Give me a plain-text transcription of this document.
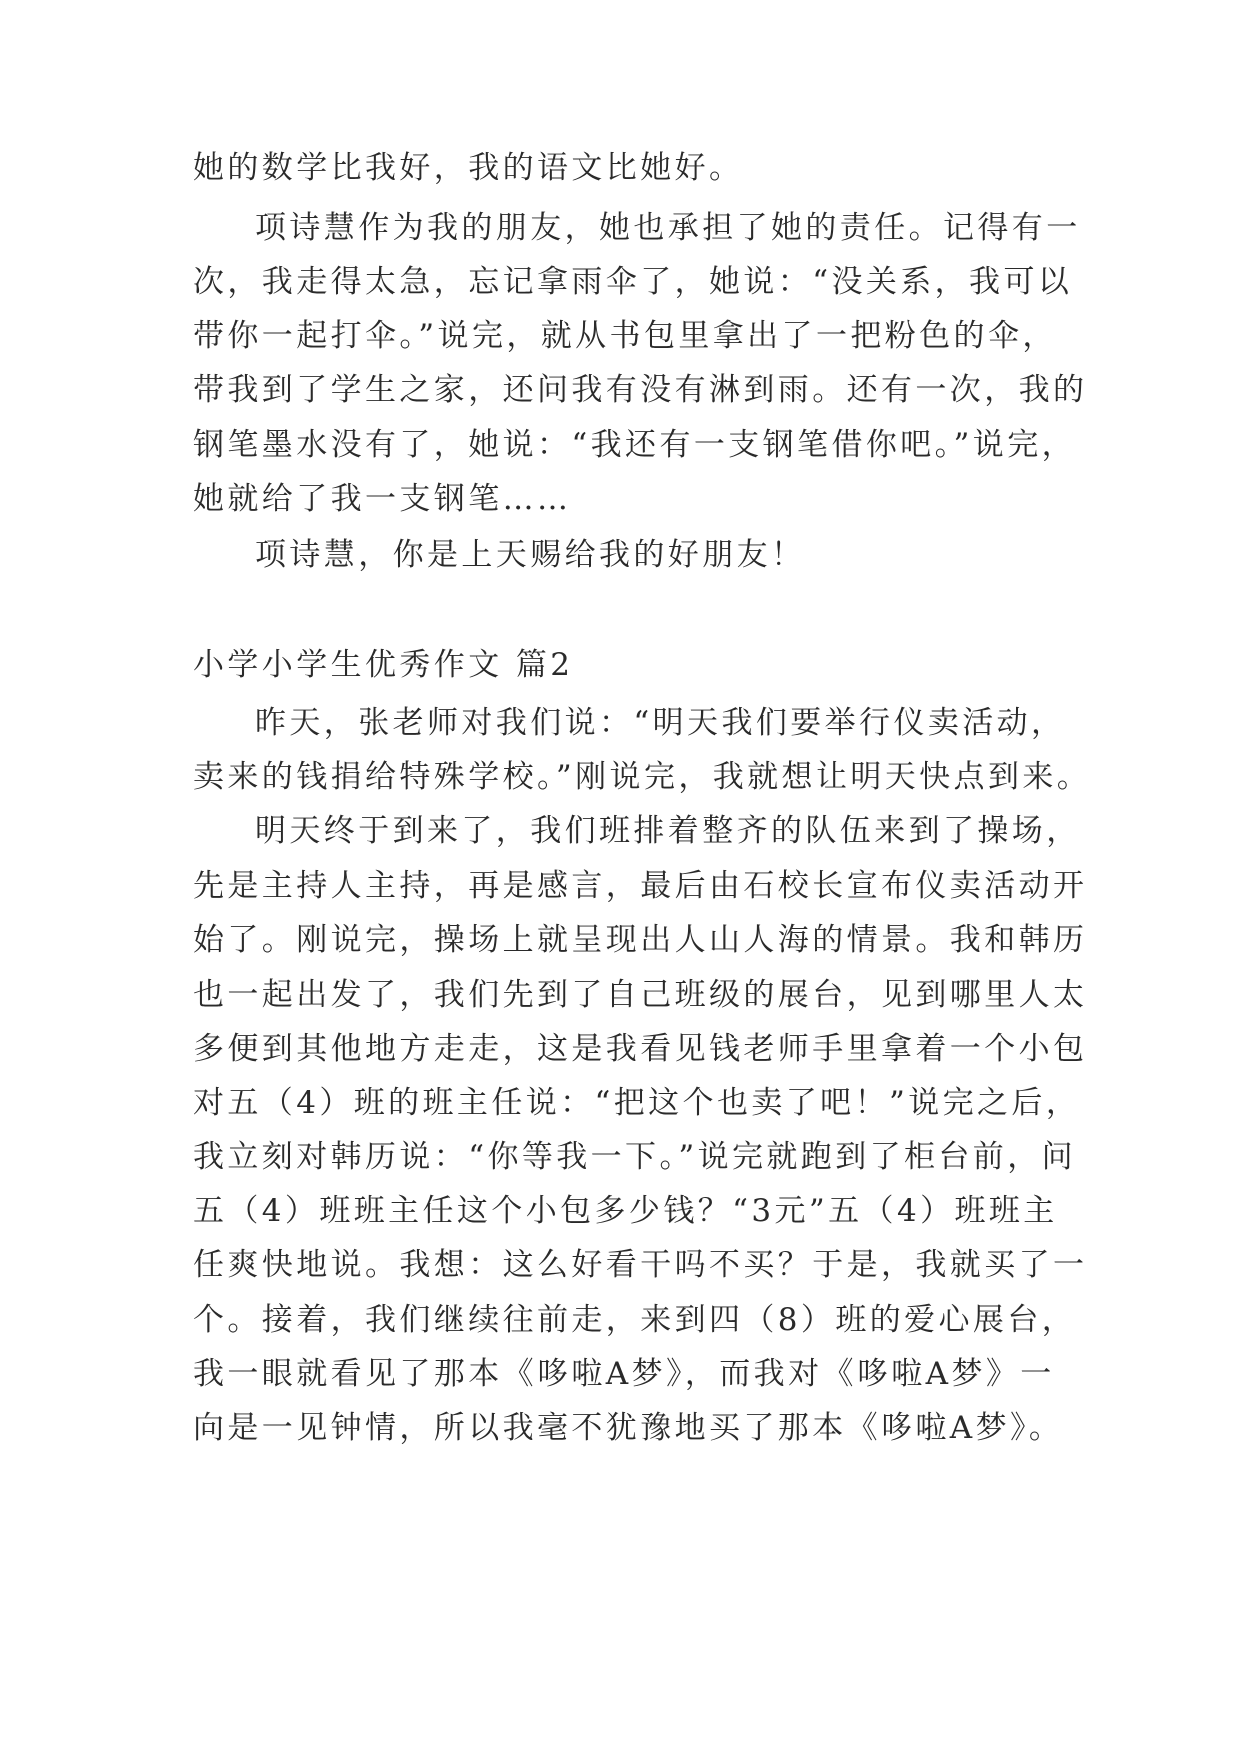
她的数学比我好，我的语文比她好。
项诗慧作为我的朋友，她也承担了她的责任。记得有一
次，我走得太急，忘记拿雨伞了，她说：“没关系，我可以
带你一起打伞。”说完，就从书包里拿出了一把粉色的伞，
带我到了学生之家，还问我有没有淋到雨。还有一次，我的
钢笔墨水没有了，她说：“我还有一支钢笔借你吧。”说完，
她就给了我一支钢笔……
项诗慧，你是上天赐给我的好朋友！
小学小学生优秀作文 篇2
昨天，张老师对我们说：“明天我们要举行仪卖活动，
卖来的钱捐给特殊学校。”刚说完，我就想让明天快点到来。
明天终于到来了，我们班排着整齐的队伍来到了操场，
先是主持人主持，再是感言，最后由石校长宣布仪卖活动开
始了。刚说完，操场上就呈现出人山人海的情景。我和韩历
也一起出发了，我们先到了自己班级的展台，见到哪里人太
多便到其他地方走走，这是我看见钱老师手里拿着一个小包
对五（4）班的班主任说：“把这个也卖了吧！”说完之后，
我立刻对韩历说：“你等我一下。”说完就跑到了柜台前，问
五（4）班班主任这个小包多少钱？“3元”五（4）班班主
任爽快地说。我想：这么好看干吗不买？于是，我就买了一
个。接着，我们继续往前走，来到四（8）班的爱心展台，
我一眼就看见了那本《哆啦A梦》，而我对《哆啦A梦》一
向是一见钟情，所以我毫不犹豫地买了那本《哆啦A梦》。
